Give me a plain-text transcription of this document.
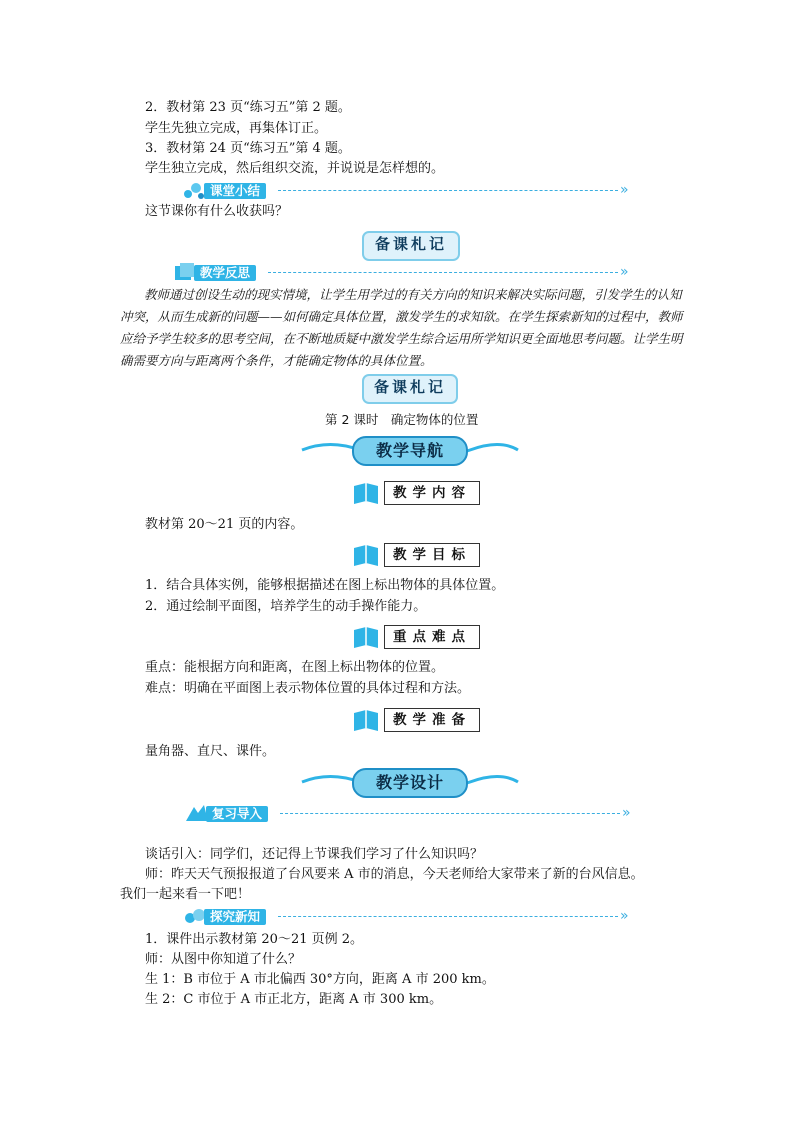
2．教材第 23 页“练习五”第 2 题。
学生先独立完成，再集体订正。
3．教材第 24 页“练习五”第 4 题。
学生独立完成，然后组织交流，并说说是怎样想的。
课堂小结	»
这节课你有什么收获吗？
备课札记
教学反思	»
教师通过创设生动的现实情境，让学生用学过的有关方向的知识来解决实际问题，引发学生的认知冲突，从而生成新的问题——如何确定具体位置，激发学生的求知欲。在学生探索新知的过程中，教师应给予学生较多的思考空间，在不断地质疑中激发学生综合运用所学知识更全面地思考问题。让学生明确需要方向与距离两个条件，才能确定物体的具体位置。
备课札记
第 2 课时　确定物体的位置
教学导航
教学内容
教材第 20～21 页的内容。
教学目标
1．结合具体实例，能够根据描述在图上标出物体的具体位置。
2．通过绘制平面图，培养学生的动手操作能力。
重点难点
重点：能根据方向和距离，在图上标出物体的位置。
难点：明确在平面图上表示物体位置的具体过程和方法。
教学准备
量角器、直尺、课件。
教学设计
复习导入	»
谈话引入：同学们，还记得上节课我们学习了什么知识吗？
师：昨天天气预报报道了台风要来 A 市的消息，今天老师给大家带来了新的台风信息。
我们一起来看一下吧！
探究新知	»
1．课件出示教材第 20～21 页例 2。
师：从图中你知道了什么？
生 1：B 市位于 A 市北偏西 30°方向，距离 A 市 200 km。
生 2：C 市位于 A 市正北方，距离 A 市 300 km。
